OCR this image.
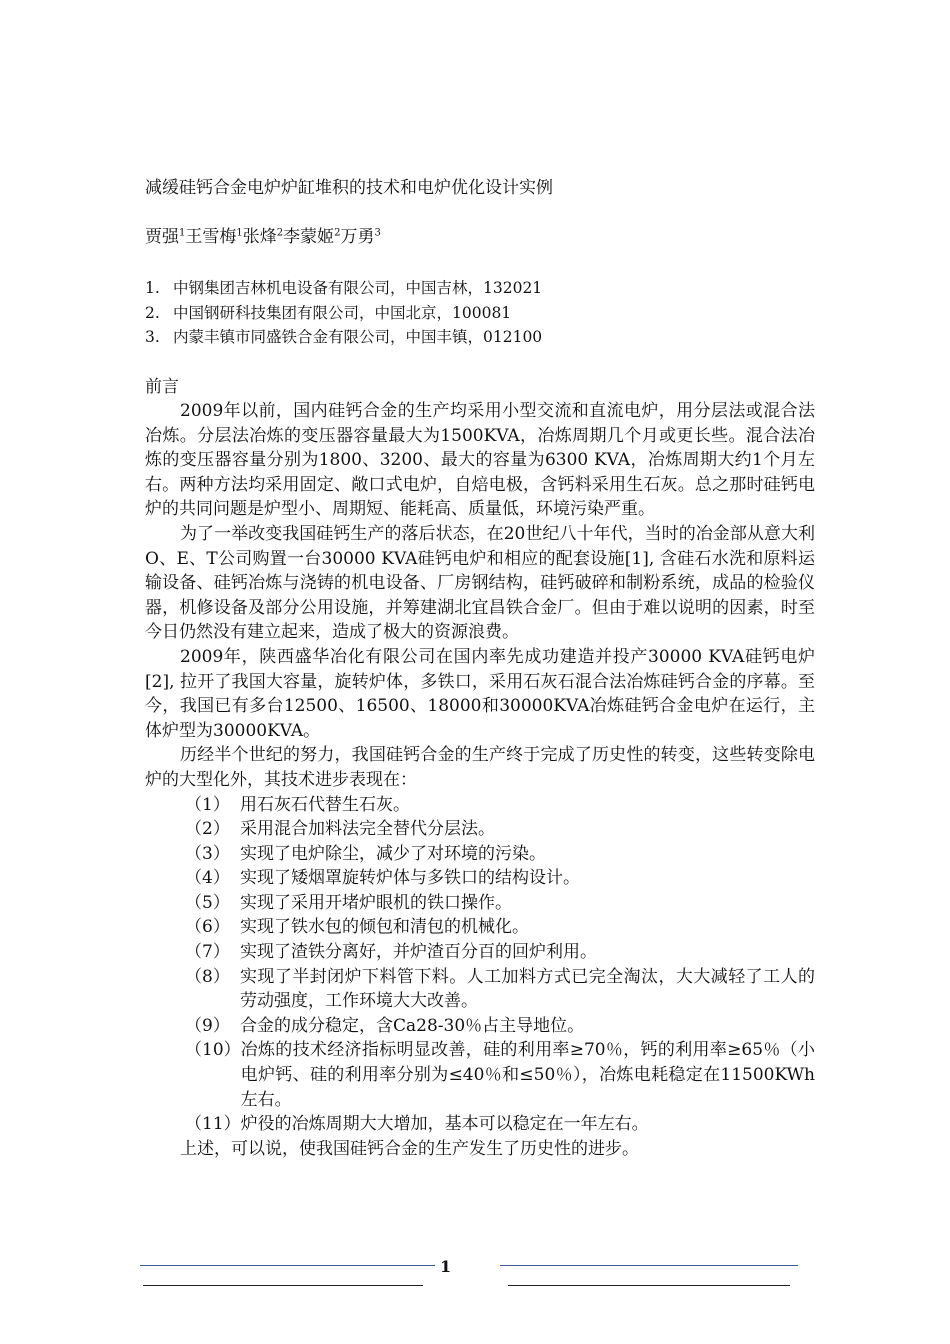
减缓硅钙合金电炉炉缸堆积的技术和电炉优化设计实例
贾强$^1$王雪梅$^1$张烽$^2$李蒙姬$^2$万勇$^3$
1. 中钢集团吉林机电设备有限公司，中国吉林，132021
2. 中国钢研科技集团有限公司，中国北京，100081
3. 内蒙丰镇市同盛铁合金有限公司，中国丰镇，012100
前言

2009年以前，国内硅钙合金的生产均采用小型交流和直流电炉，用分层法或混合法冶炼。分层法冶炼的变压器容量最大为1500KVA，冶炼周期几个月或更长些。混合法冶炼的变压器容量分别为1800、3200、最大的容量为6300 KVA，冶炼周期大约1个月左右。两种方法均采用固定、敞口式电炉，自焙电极，含钙料采用生石灰。总之那时硅钙电炉的共同问题是炉型小、周期短、能耗高、质量低，环境污染严重。

为了一举改变我国硅钙生产的落后状态，在20世纪八十年代，当时的冶金部从意大利O、E、T公司购置一台30000 KVA硅钙电炉和相应的配套设施[1], 含硅石水洗和原料运输设备、硅钙冶炼与浇铸的机电设备、厂房钢结构，硅钙破碎和制粉系统，成品的检验仪器，机修设备及部分公用设施，并筹建湖北宜昌铁合金厂。但由于难以说明的因素，时至今日仍然没有建立起来，造成了极大的资源浪费。

2009年，陕西盛华冶化有限公司在国内率先成功建造并投产30000 KVA硅钙电炉[2], 拉开了我国大容量，旋转炉体，多铁口，采用石灰石混合法冶炼硅钙合金的序幕。至今，我国已有多台12500、16500、18000和30000KVA冶炼硅钙合金电炉在运行，主体炉型为30000KVA。

历经半个世纪的努力，我国硅钙合金的生产终于完成了历史性的转变，这些转变除电炉的大型化外，其技术进步表现在：

（1） 用石灰石代替生石灰。
（2） 采用混合加料法完全替代分层法。
（3） 实现了电炉除尘，减少了对环境的污染。
（4） 实现了矮烟罩旋转炉体与多铁口的结构设计。
（5） 实现了采用开堵炉眼机的铁口操作。
（6） 实现了铁水包的倾包和清包的机械化。
（7） 实现了渣铁分离好，并炉渣百分百的回炉利用。
（8） 实现了半封闭炉下料管下料。人工加料方式已完全淘汰，大大减轻了工人的劳动强度，工作环境大大改善。
（9） 合金的成分稳定，含Ca28-30％占主导地位。
（10） 冶炼的技术经济指标明显改善，硅的利用率≥70％，钙的利用率≥65％（小电炉钙、硅的利用率分别为≤40％和≤50％），冶炼电耗稳定在11500KWh左右。
（11） 炉役的冶炼周期大大增加，基本可以稳定在一年左右。

上述，可以说，使我国硅钙合金的生产发生了历史性的进步。

1
